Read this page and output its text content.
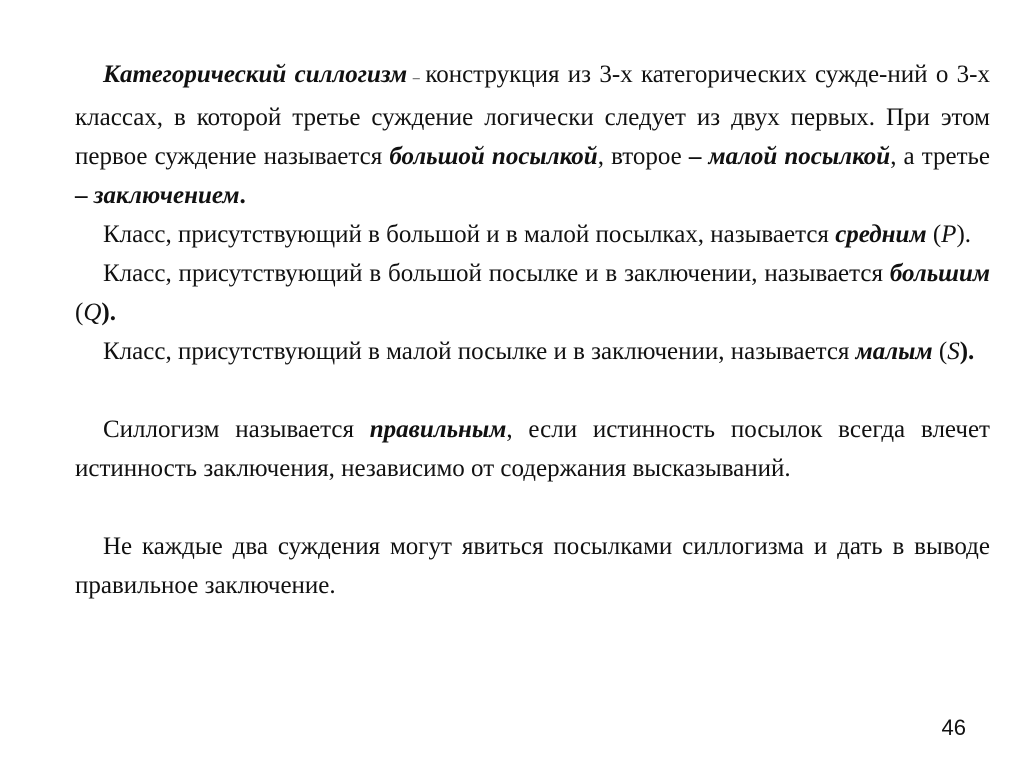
Категорический силлогизм – конструкция из 3-х категорических сужде-ний о 3-х классах, в которой третье суждение логически следует из двух первых. При этом первое суждение называется большой посылкой, второе – малой посылкой, а третье – заключением.

Класс, присутствующий в большой и в малой посылках, называется средним (P).

Класс, присутствующий в большой посылке и в заключении, называется большим (Q).

Класс, присутствующий в малой посылке и в заключении, называется малым (S).

Силлогизм называется правильным, если истинность посылок всегда влечет истинность заключения, независимо от содержания высказываний.

Не каждые два суждения могут явиться посылками силлогизма и дать в выводе правильное заключение.

46
